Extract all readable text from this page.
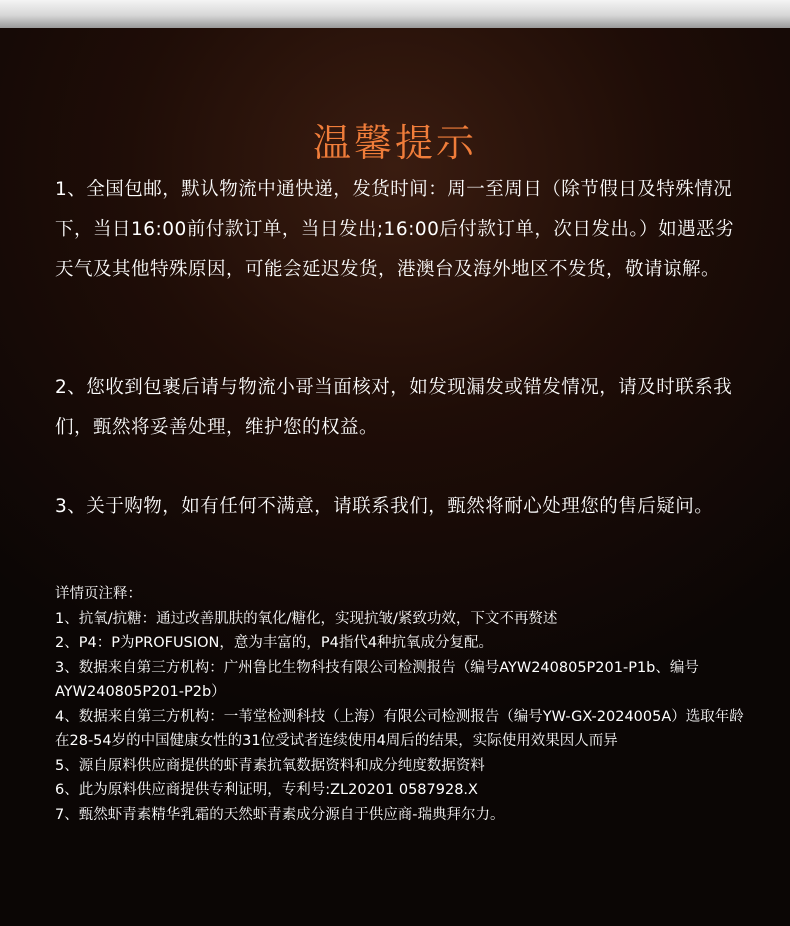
温馨提示

1、全国包邮，默认物流中通快递，发货时间：周一至周日（除节假日及特殊情况下，当日16:00前付款订单，当日发出;16:00后付款订单，次日发出。）如遇恶劣天气及其他特殊原因，可能会延迟发货，港澳台及海外地区不发货，敬请谅解。

2、您收到包裹后请与物流小哥当面核对，如发现漏发或错发情况，请及时联系我们，甄然将妥善处理，维护您的权益。

3、关于购物，如有任何不满意，请联系我们，甄然将耐心处理您的售后疑问。

详情页注释：

1、抗氧/抗糖：通过改善肌肤的氧化/糖化，实现抗皱/紧致功效，下文不再赘述

2、P4：P为PROFUSION，意为丰富的，P4指代4种抗氧成分复配。

3、数据来自第三方机构：广州鲁比生物科技有限公司检测报告（编号AYW240805P201-P1b、编号AYW240805P201-P2b）

4、数据来自第三方机构：一苇堂检测科技（上海）有限公司检测报告（编号YW-GX-2024005A）选取年龄在28-54岁的中国健康女性的31位受试者连续使用4周后的结果，实际使用效果因人而异

5、源自原料供应商提供的虾青素抗氧数据资料和成分纯度数据资料

6、此为原料供应商提供专利证明，专利号:ZL20201 0587928.X

7、甄然虾青素精华乳霜的天然虾青素成分源自于供应商-瑞典拜尔力。
